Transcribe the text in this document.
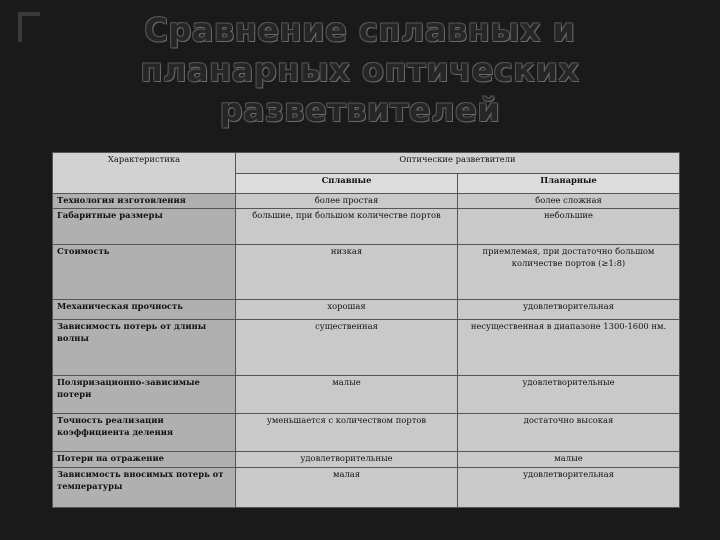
Сравнение сплавных и
планарных оптических
разветвителей
Характеристика	Оптические разветвители	
	Сплавные	Планарные
Технология изготовления	более простая	более сложная
Габаритные размеры	большие, при большом количестве портов	небольшие
Стоимость	низкая	приемлемая, при достаточно большом количестве портов (≥1:8)
Механическая прочность	хорошая	удовлетворительная
Зависимость потерь от длины волны	существенная	несущественная в диапазоне 1300-1600 нм.
Поляризационно-зависимые потери	малые	удовлетворительные
Точность реализации коэффициента деления	уменьшается с количеством портов	достаточно высокая
Потери на отражение	удовлетворительные	малые
Зависимость вносимых потерь от температуры	малая	удовлетворительная
